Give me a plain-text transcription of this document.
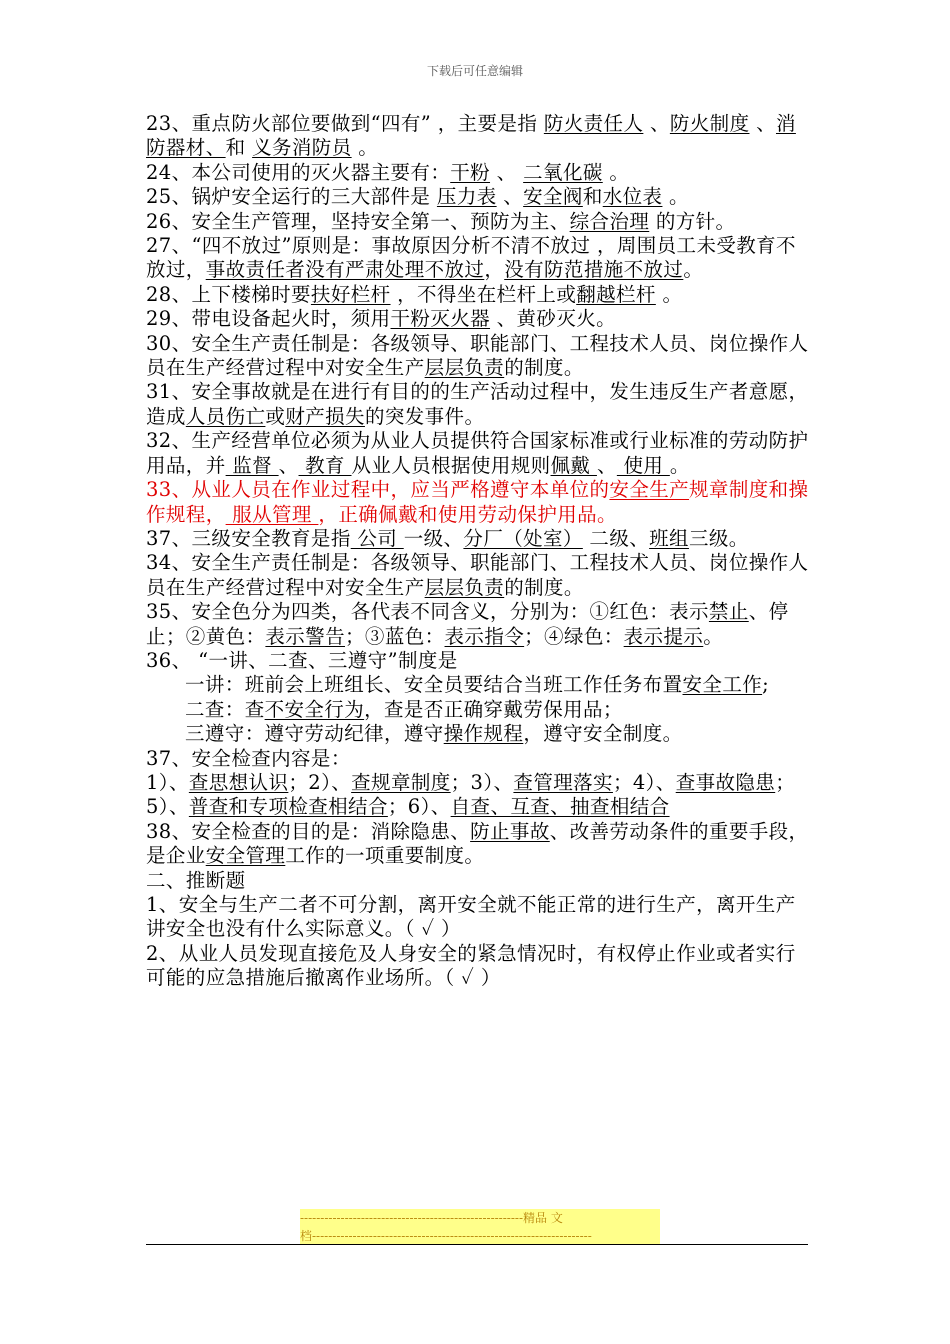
下载后可任意编辑

23、重点防火部位要做到“四有” ，主要是指 防火责任人 、防火制度 、消防器材、和 义务消防员 。

24、本公司使用的灭火器主要有：干粉 、 二氧化碳 。

25、锅炉安全运行的三大部件是 压力表 、安全阀和水位表 。

26、安全生产管理，坚持安全第一、预防为主、综合治理 的方针。

27、“四不放过”原则是：事故原因分析不清不放过 ，周围员工未受教育不放过，事故责任者没有严肃处理不放过，没有防范措施不放过。

28、上下楼梯时要扶好栏杆 ，不得坐在栏杆上或翻越栏杆 。

29、带电设备起火时，须用干粉灭火器 、黄砂灭火。

30、安全生产责任制是：各级领导、职能部门、工程技术人员、岗位操作人员在生产经营过程中对安全生产层层负责的制度。

31、安全事故就是在进行有目的的生产活动过程中，发生违反生产者意愿，造成人员伤亡或财产损失的突发事件。

32、生产经营单位必须为从业人员提供符合国家标准或行业标准的劳动防护用品，并 监督 、 教育 从业人员根据使用规则佩戴 、 使用 。

33、从业人员在作业过程中，应当严格遵守本单位的安全生产规章制度和操作规程， 服从管理 ，正确佩戴和使用劳动保护用品。

37、三级安全教育是指 公司 一级、分厂（处室） 二级、班组三级。

34、安全生产责任制是：各级领导、职能部门、工程技术人员、岗位操作人员在生产经营过程中对安全生产层层负责的制度。

35、安全色分为四类，各代表不同含义，分别为：①红色：表示禁止、停止；②黄色：表示警告；③蓝色：表示指令；④绿色：表示提示。

36、 “一讲、二查、三遵守”制度是

一讲：班前会上班组长、安全员要结合当班工作任务布置安全工作;

二查：查不安全行为，查是否正确穿戴劳保用品；

三遵守：遵守劳动纪律，遵守操作规程，遵守安全制度。

37、安全检查内容是：

1）、查思想认识；2）、查规章制度；3）、查管理落实；4）、查事故隐患；5）、普查和专项检查相结合；6）、自查、互查、抽查相结合

38、安全检查的目的是：消除隐患、防止事故、改善劳动条件的重要手段，是企业安全管理工作的一项重要制度。

二、推断题

1、安全与生产二者不可分割，离开安全就不能正常的进行生产，离开生产讲安全也没有什么实际意义。（ ✓ ）

2、从业人员发现直接危及人身安全的紧急情况时，有权停止作业或者实行可能的应急措施后撤离作业场所。（ ✓ ）

-------------------------------------------------------精品 文
档---------------------------------------------------------------------
